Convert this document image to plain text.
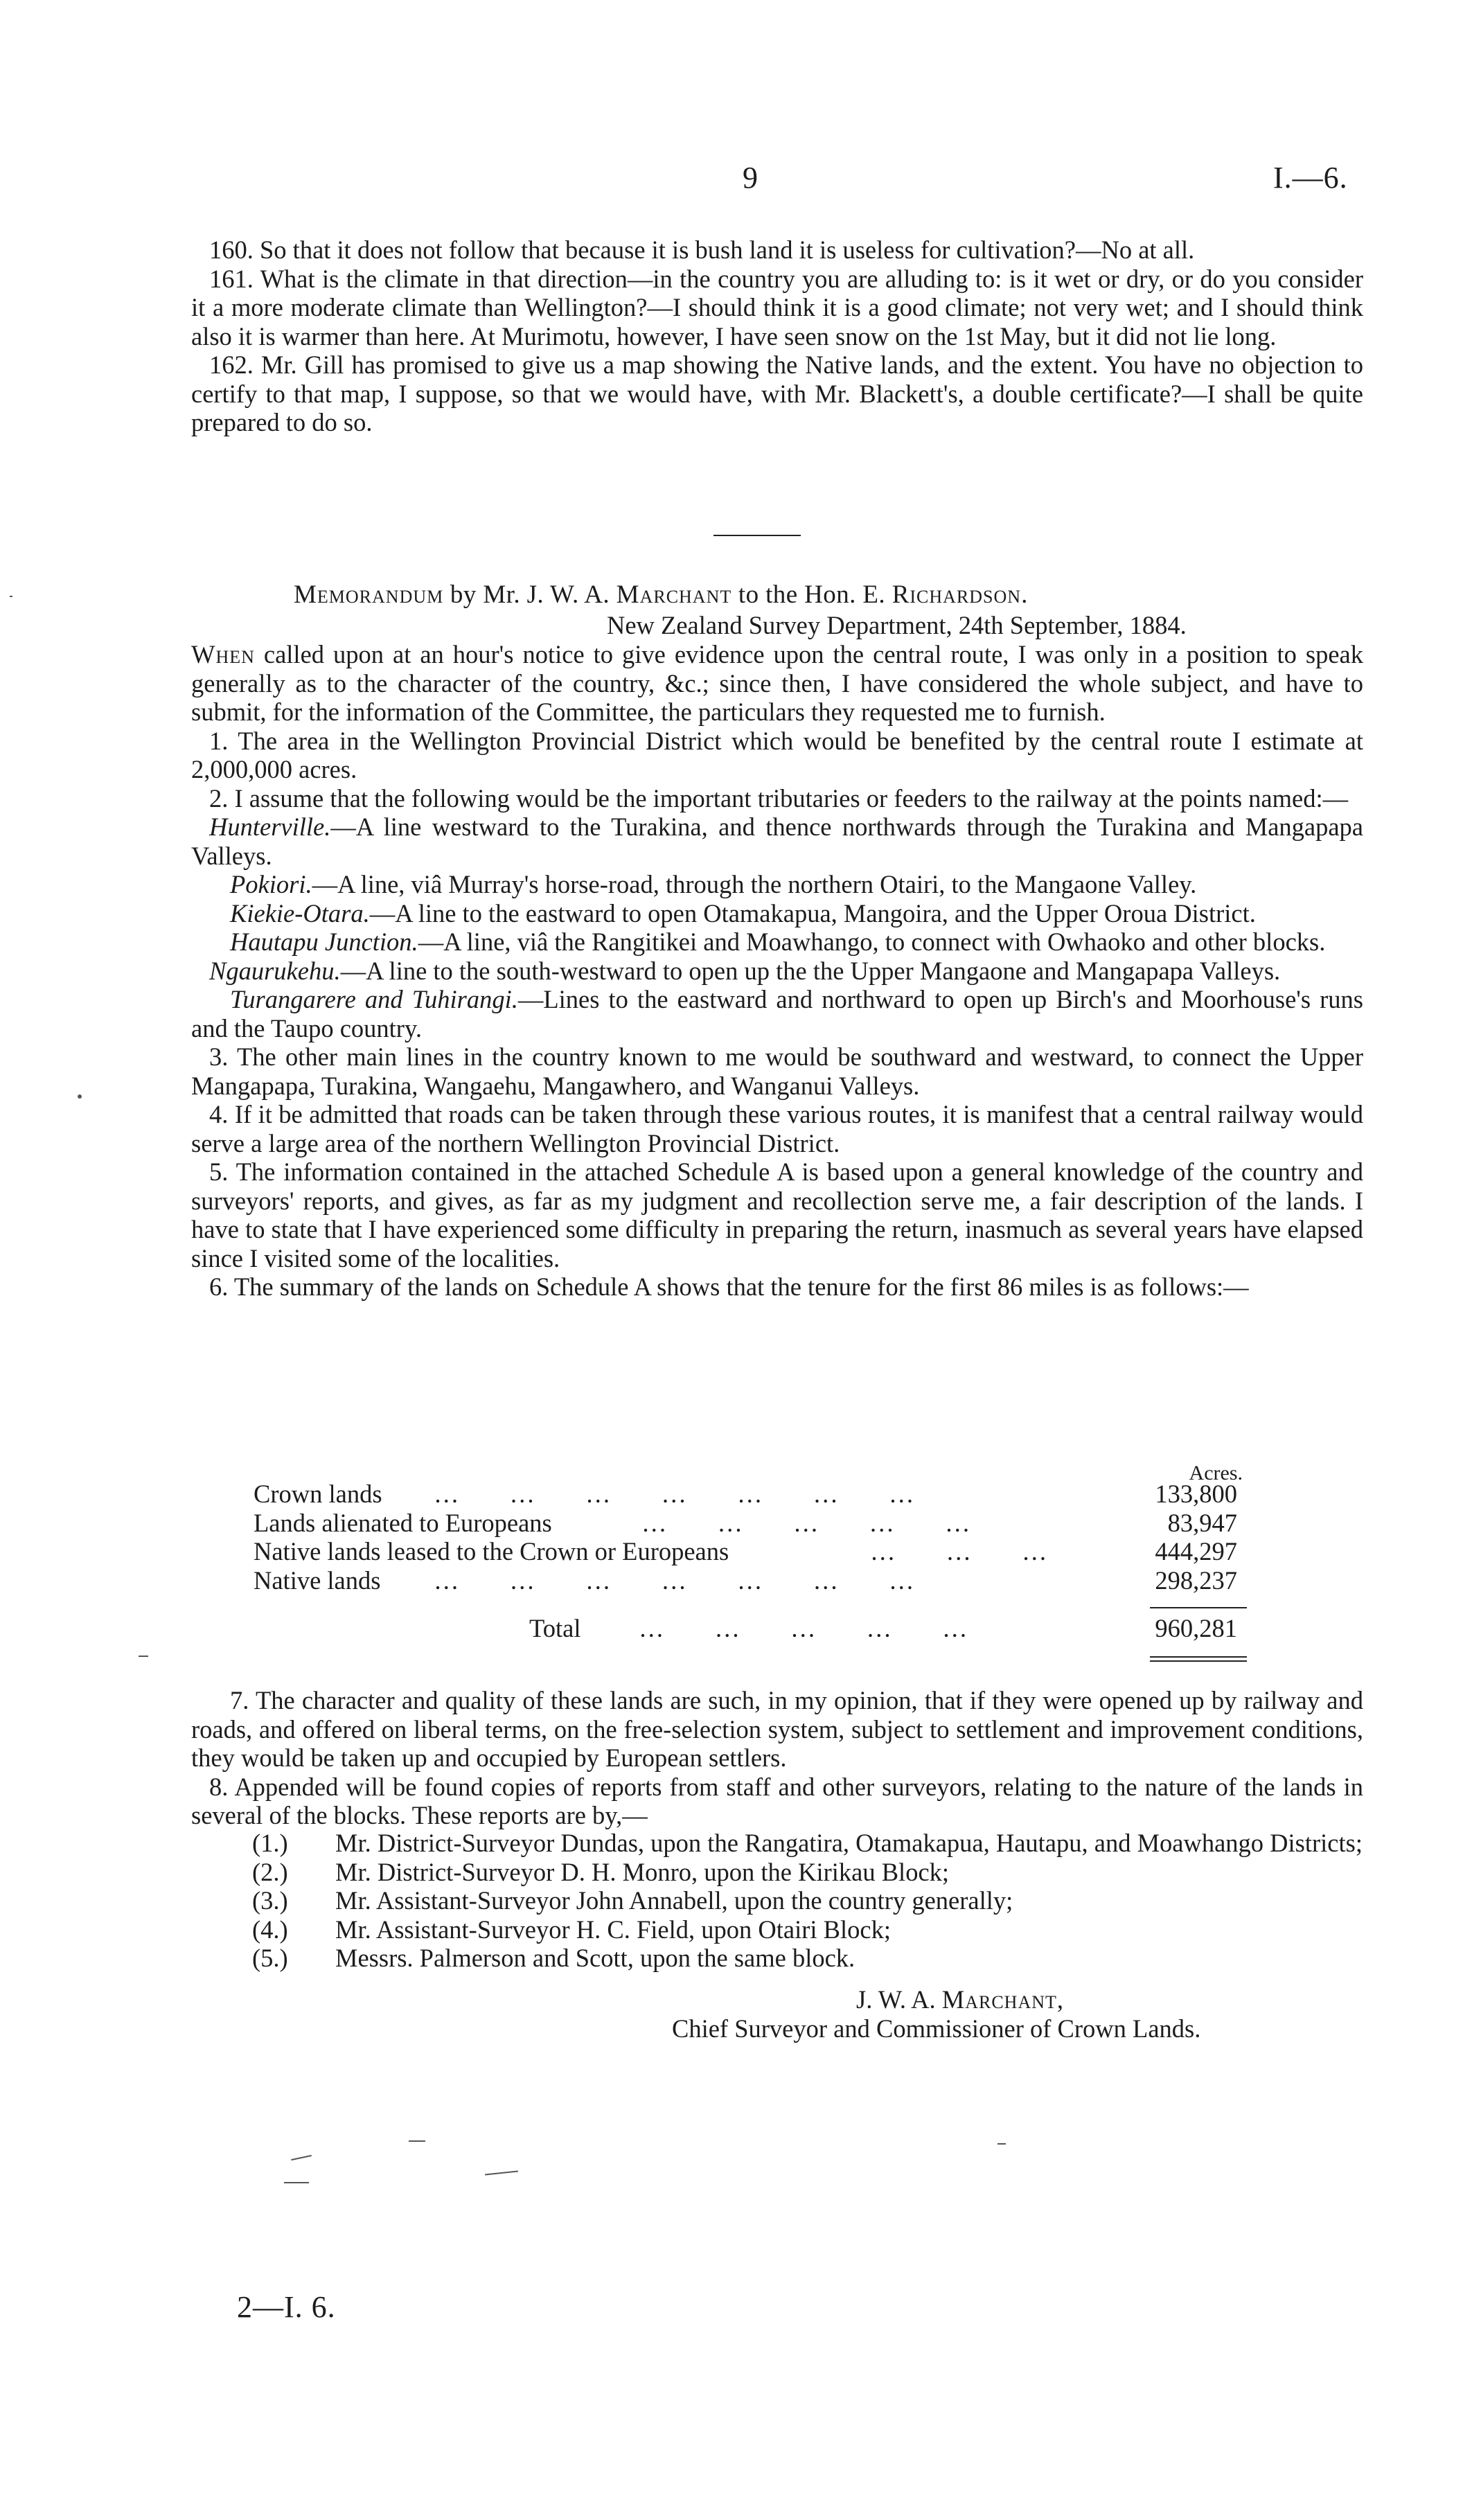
9	I.—6.

160. So that it does not follow that because it is bush land it is useless for cultivation?—No at all.

161. What is the climate in that direction—in the country you are alluding to: is it wet or dry, or do you consider it a more moderate climate than Wellington?—I should think it is a good climate; not very wet; and I should think also it is warmer than here. At Murimotu, however, I have seen snow on the 1st May, but it did not lie long.

162. Mr. Gill has promised to give us a map showing the Native lands, and the extent. You have no objection to certify to that map, I suppose, so that we would have, with Mr. Blackett's, a double certificate?—I shall be quite prepared to do so.

Memorandum by Mr. J. W. A. Marchant to the Hon. E. Richardson.
New Zealand Survey Department, 24th September, 1884.

When called upon at an hour's notice to give evidence upon the central route, I was only in a position to speak generally as to the character of the country, &c.; since then, I have considered the whole subject, and have to submit, for the information of the Committee, the particulars they requested me to furnish.

1. The area in the Wellington Provincial District which would be benefited by the central route I estimate at 2,000,000 acres.

2. I assume that the following would be the important tributaries or feeders to the railway at the points named:—

Hunterville.—A line westward to the Turakina, and thence northwards through the Turakina and Mangapapa Valleys.

Pokiori.—A line, viâ Murray's horse-road, through the northern Otairi, to the Mangaone Valley.

Kiekie-Otara.—A line to the eastward to open Otamakapua, Mangoira, and the Upper Oroua District.

Hautapu Junction.—A line, viâ the Rangitikei and Moawhango, to connect with Owhaoko and other blocks.

Ngaurukehu.—A line to the south-westward to open up the the Upper Mangaone and Mangapapa Valleys.

Turangarere and Tuhirangi.—Lines to the eastward and northward to open up Birch's and Moorhouse's runs and the Taupo country.

3. The other main lines in the country known to me would be southward and westward, to connect the Upper Mangapapa, Turakina, Wangaehu, Mangawhero, and Wanganui Valleys.

4. If it be admitted that roads can be taken through these various routes, it is manifest that a central railway would serve a large area of the northern Wellington Provincial District.

5. The information contained in the attached Schedule A is based upon a general knowledge of the country and surveyors' reports, and gives, as far as my judgment and recollection serve me, a fair description of the lands. I have to state that I have experienced some difficulty in preparing the return, inasmuch as several years have elapsed since I visited some of the localities.

6. The summary of the lands on Schedule A shows that the tenure for the first 86 miles is as follows:—

Acres.
Crown lands …        …        …        …        …        …        …	133,800
Lands alienated to Europeans	…        …        …        …        …	83,947
Native lands leased to the Crown or Europeans	…        …        …	444,297
Native lands …        …        …        …        …        …        …	298,237
Total …        …        …        …        …	960,281

7. The character and quality of these lands are such, in my opinion, that if they were opened up by railway and roads, and offered on liberal terms, on the free-selection system, subject to settlement and improvement conditions, they would be taken up and occupied by European settlers.

8. Appended will be found copies of reports from staff and other surveyors, relating to the nature of the lands in several of the blocks. These reports are by,—

(1.) Mr. District-Surveyor Dundas, upon the Rangatira, Otamakapua, Hautapu, and Moawhango Districts;
(2.) Mr. District-Surveyor D. H. Monro, upon the Kirikau Block;
(3.) Mr. Assistant-Surveyor John Annabell, upon the country generally;
(4.) Mr. Assistant-Surveyor H. C. Field, upon Otairi Block;
(5.) Messrs. Palmerson and Scott, upon the same block.
J. W. A. Marchant,
Chief Surveyor and Commissioner of Crown Lands.
2—I. 6.
